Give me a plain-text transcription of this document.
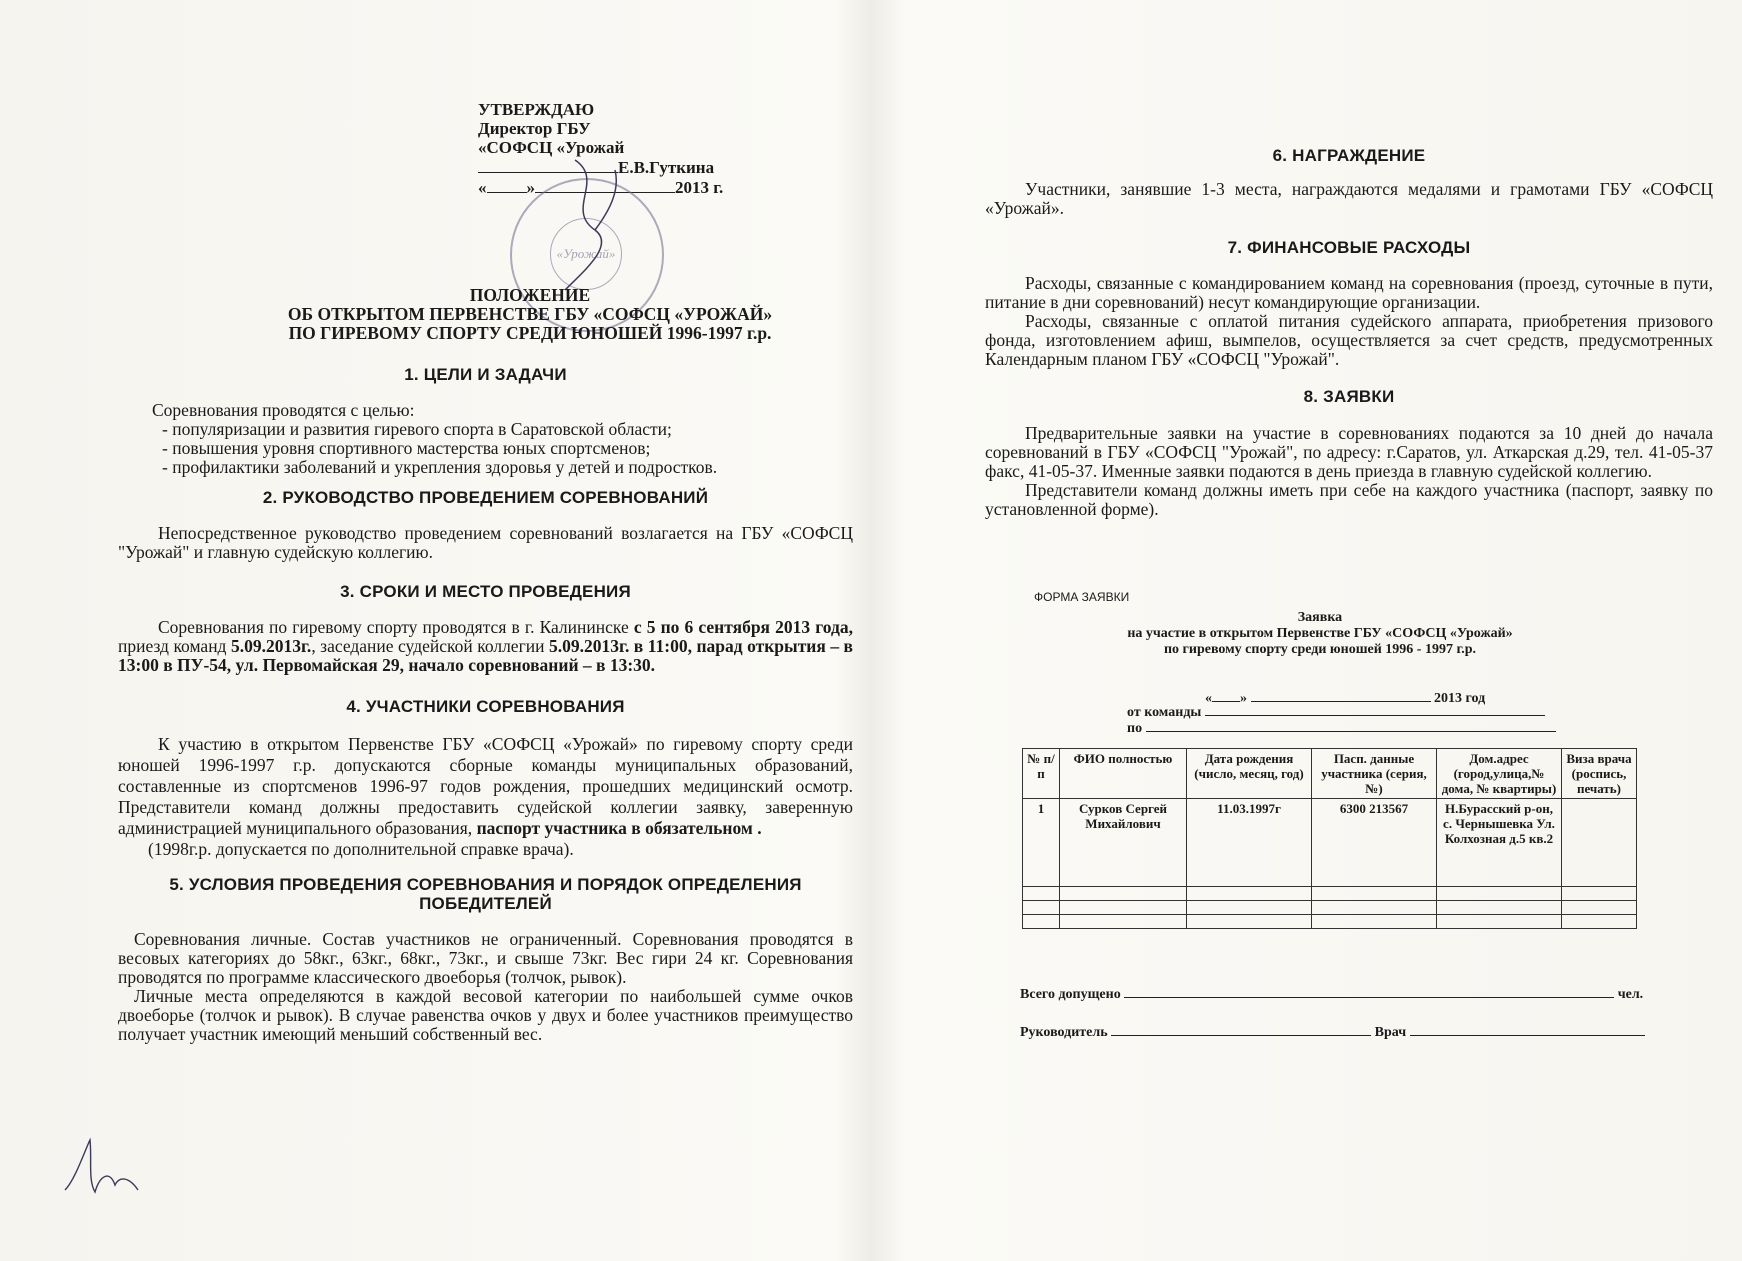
УТВЕРЖДАЮ
Директор ГБУ
«СОФСЦ «Урожай
Е.В.Гуткина
« »	2013 г.
«Урожай»
ПОЛОЖЕНИЕ
ОБ ОТКРЫТОМ ПЕРВЕНСТВЕ ГБУ «СОФСЦ «УРОЖАЙ»
ПО ГИРЕВОМУ СПОРТУ СРЕДИ ЮНОШЕЙ 1996-1997 г.р.
1. ЦЕЛИ И ЗАДАЧИ
Соревнования проводятся с целью:
- популяризации и развития гиревого спорта в Саратовской области;
- повышения уровня спортивного мастерства юных спортсменов;
- профилактики заболеваний и укрепления здоровья у детей и подростков.
2. РУКОВОДСТВО ПРОВЕДЕНИЕМ СОРЕВНОВАНИЙ
Непосредственное руководство проведением соревнований возлагается на ГБУ «СОФСЦ "Урожай" и главную судейскую коллегию.
3. СРОКИ И МЕСТО ПРОВЕДЕНИЯ
Соревнования по гиревому спорту проводятся в г. Калининске с 5 по 6 сентября 2013 года, приезд команд 5.09.2013г., заседание судейской коллегии 5.09.2013г. в 11:00, парад открытия – в 13:00 в ПУ-54, ул. Первомайская 29, начало соревнований – в 13:30.
4. УЧАСТНИКИ СОРЕВНОВАНИЯ
К участию в открытом Первенстве ГБУ «СОФСЦ «Урожай» по гиревому спорту среди юношей 1996-1997 г.р. допускаются сборные команды муниципальных образований, составленные из спортсменов 1996-97 годов рождения, прошедших медицинский осмотр. Представители команд должны предоставить судейской коллегии заявку, заверенную администрацией муниципального образования, паспорт участника в обязательном .
(1998г.р. допускается по дополнительной справке врача).
5. УСЛОВИЯ ПРОВЕДЕНИЯ СОРЕВНОВАНИЯ И ПОРЯДОК ОПРЕДЕЛЕНИЯ ПОБЕДИТЕЛЕЙ
Соревнования личные. Состав участников не ограниченный. Соревнования проводятся в весовых категориях до 58кг., 63кг., 68кг., 73кг., и свыше 73кг. Вес гири 24 кг. Соревнования проводятся по программе классического двоеборья (толчок, рывок).
Личные места определяются в каждой весовой категории по наибольшей сумме очков двоеборье (толчок и рывок). В случае равенства очков у двух и более участников преимущество получает участник имеющий меньший собственный вес.
6. НАГРАЖДЕНИЕ
Участники, занявшие 1-3 места, награждаются медалями и грамотами ГБУ «СОФСЦ «Урожай».
7. ФИНАНСОВЫЕ РАСХОДЫ
Расходы, связанные с командированием команд на соревнования (проезд, суточные в пути, питание в дни соревнований) несут командирующие организации.
Расходы, связанные с оплатой питания судейского аппарата, приобретения призового фонда, изготовлением афиш, вымпелов, осуществляется за счет средств, предусмотренных Календарным планом ГБУ «СОФСЦ "Урожай".
8. ЗАЯВКИ
Предварительные заявки на участие в соревнованиях подаются за 10 дней до начала соревнований в ГБУ «СОФСЦ "Урожай", по адресу: г.Саратов, ул. Аткарская д.29, тел. 41-05-37 факс, 41-05-37. Именные заявки подаются в день приезда в главную судейской коллегию.
Представители команд должны иметь при себе на каждого участника (паспорт, заявку по установленной форме).
ФОРМА ЗАЯВКИ
Заявка
на участие в открытом Первенстве ГБУ «СОФСЦ «Урожай»
по гиревому спорту среди юношей 1996 - 1997 г.р.
« »	2013 год
от команды
по
№ п/п	ФИО полностью	Дата рождения (число, месяц, год)	Пасп. данные участника (серия, №)	Дом.адрес (город,улица,№ дома, № квартиры)	Виза врача (роспись, печать)
1	Сурков Сергей Михайлович	11.03.1997г	6300 213567	Н.Бурасский р-он, с. Чернышевка Ул. Колхозная д.5 кв.2	

Всего допущено	чел.
Руководитель	Врач
